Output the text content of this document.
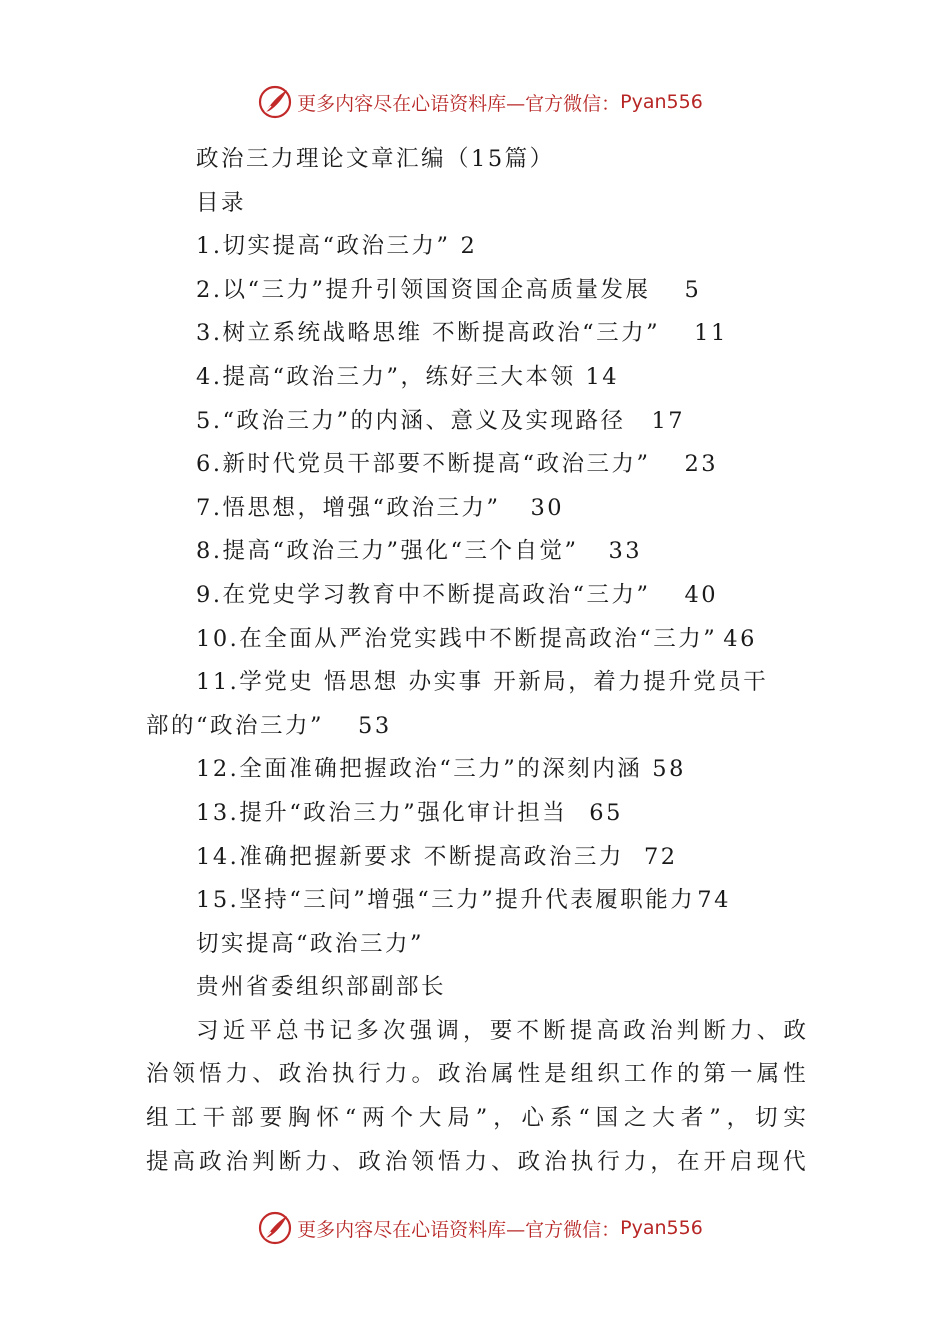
更多内容尽在心语资料库—官方微信： Pyan556
政治三力理论文章汇编（15篇）
目录
1.切实提高“政治三力” 2
2.以“三力”提升引领国资国企高质量发展	5
3.树立系统战略思维 不断提高政治“三力”	11
4.提高“政治三力”，练好三大本领 14
5.“政治三力”的内涵、意义及实现路径	17
6.新时代党员干部要不断提高“政治三力”	23
7.悟思想，增强“政治三力”	30
8.提高“政治三力”强化“三个自觉”	33
9.在党史学习教育中不断提高政治“三力”	40
10.在全面从严治党实践中不断提高政治“三力” 46
11.学党史 悟思想 办实事 开新局，着力提升党员干
部的“政治三力”	53
12.全面准确把握政治“三力”的深刻内涵 58
13.提升“政治三力”强化审计担当 65
14.准确把握新要求 不断提高政治三力 72
15.坚持“三问”增强“三力”提升代表履职能力 74
切实提高“政治三力”
贵州省委组织部副部长
习 近 平 总 书 记 多 次 强 调 ， 要 不 断 提 高 政 治 判 断 力 、 政
治 领 悟 力 、 政 治 执 行 力 。 政 治 属 性 是 组 织 工 作 的 第 一 属 性
组 工 干 部 要 胸 怀 “ 两 个 大 局 ” ， 心 系 “ 国 之 大 者 ” ， 切 实
提 高 政 治 判 断 力 、 政 治 领 悟 力 、 政 治 执 行 力 ， 在 开 启 现 代
更多内容尽在心语资料库—官方微信： Pyan556
